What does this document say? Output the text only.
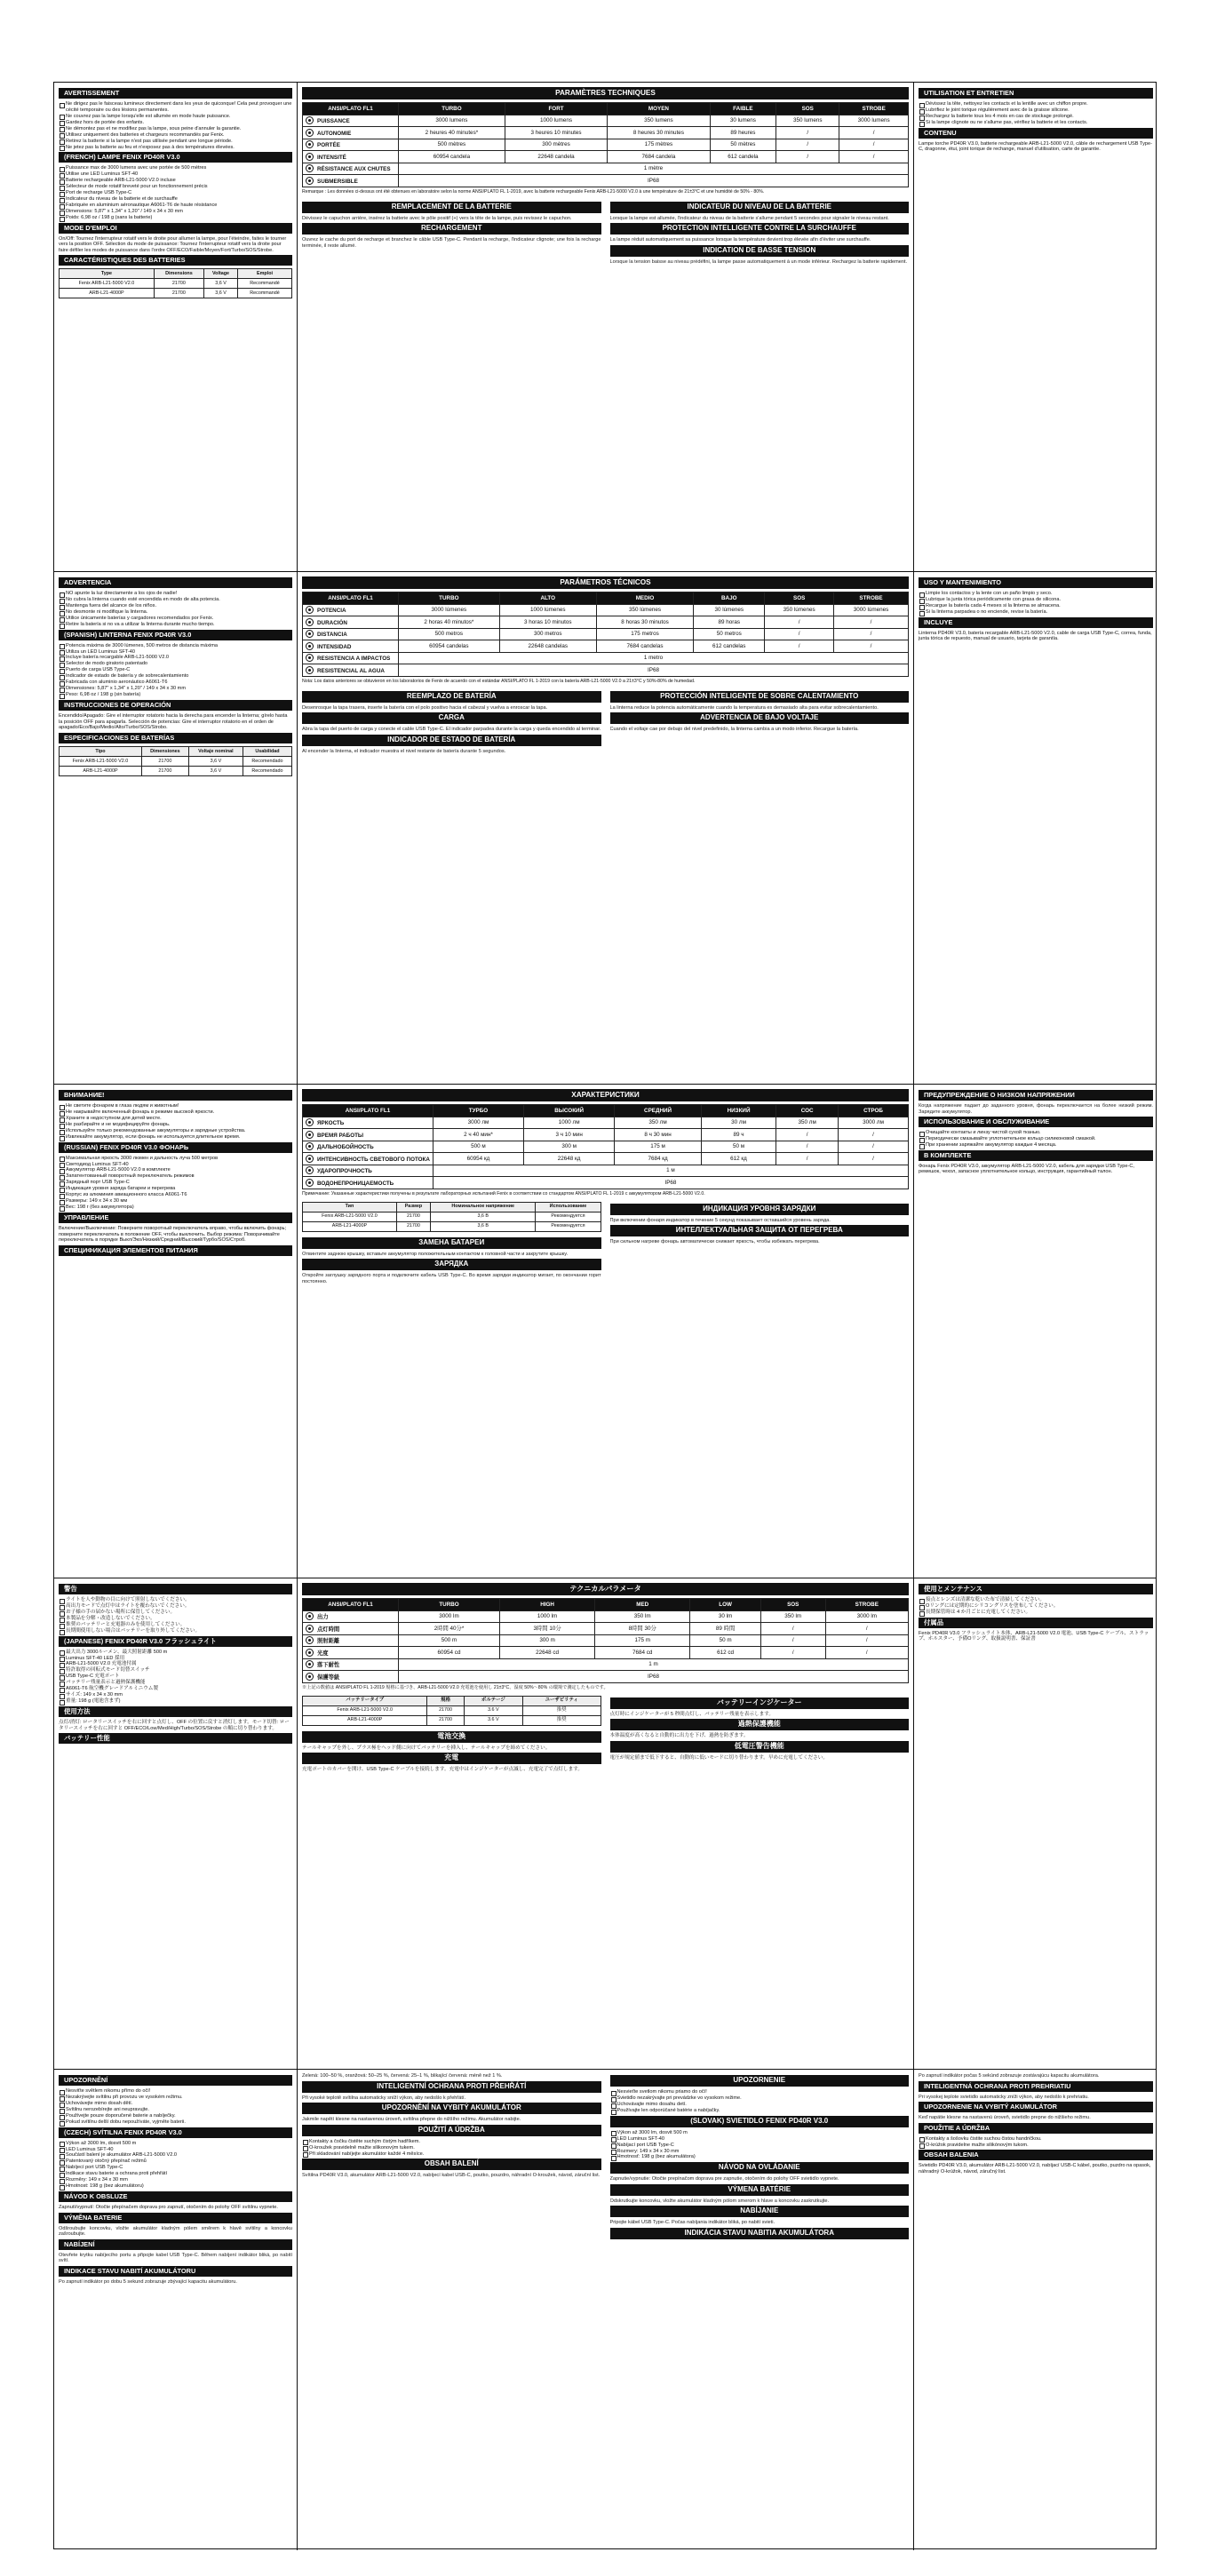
AVERTISSEMENT
Ne dirigez pas le faisceau lumineux directement dans les yeux de quiconque! Cela peut provoquer une cécité temporaire ou des lésions permanentes.
Ne couvrez pas la lampe lorsqu'elle est allumée en mode haute puissance.
Gardez hors de portée des enfants.
Ne démontez pas et ne modifiez pas la lampe, sous peine d'annuler la garantie.
Utilisez uniquement des batteries et chargeurs recommandés par Fenix.
Retirez la batterie si la lampe n'est pas utilisée pendant une longue période.
Ne jetez pas la batterie au feu et n'exposez pas à des températures élevées.
(FRENCH) LAMPE FENIX PD40R V3.0
Puissance max de 3000 lumens avec une portée de 500 mètres
Utilise une LED Luminus SFT-40
Batterie rechargeable ARB-L21-5000 V2.0 incluse
Sélecteur de mode rotatif breveté pour un fonctionnement précis
Port de recharge USB Type-C
Indicateur du niveau de la batterie et de surchauffe
Fabriquée en aluminium aéronautique A6061-T6 de haute résistance
Dimensions: 5,87" x 1,34" x 1,20" / 149 x 34 x 30 mm
Poids: 6,98 oz / 198 g (sans la batterie)
MODE D'EMPLOI

On/Off: Tournez l'interrupteur rotatif vers le droite pour allumer la lampe, pour l'éteindre, faites le tourner vers la position OFF. Sélection du mode de puissance: Tournez l'interrupteur rotatif vers la droite pour faire défiler les modes de puissance dans l'ordre OFF/ECO/Faible/Moyen/Fort/Turbo/SOS/Strobe.

CARACTÉRISTIQUES DES BATTERIES
Type	Dimensions	Voltage	Emploi
Fenix ARB-L21-5000 V2.0	21700	3,6 V	Recommandé
ARB-L21-4000P	21700	3,6 V	Recommandé
PARAMÈTRES TECHNIQUES
ANSI/PLATO FL1	TURBO	FORT	MOYEN	FAIBLE	SOS	STROBE
PUISSANCE	3000 lumens	1000 lumens	350 lumens	30 lumens	350 lumens	3000 lumens
AUTONOMIE	2 heures 40 minutes*	3 heures 10 minutes	8 heures 30 minutes	89 heures	/	/
PORTÉE	500 mètres	300 mètres	175 mètres	50 mètres	/	/
INTENSITÉ	60954 candela	22648 candela	7684 candela	612 candela	/	/
RÉSISTANCE AUX CHUTES	1 mètre					
SUBMERSIBLE	IP68					

Remarque : Les données ci-dessus ont été obtenues en laboratoire selon la norme ANSI/PLATO FL 1-2019, avec la batterie rechargeable Fenix ARB-L21-5000 V2.0 à une température de 21±3°C et une humidité de 50% - 80%.

REMPLACEMENT DE LA BATTERIE

Dévissez le capuchon arrière, insérez la batterie avec le pôle positif (+) vers la tête de la lampe, puis revissez le capuchon.

RECHARGEMENT

Ouvrez le cache du port de recharge et branchez le câble USB Type-C. Pendant la recharge, l'indicateur clignote; une fois la recharge terminée, il reste allumé.

INDICATEUR DU NIVEAU DE LA BATTERIE

Lorsque la lampe est allumée, l'indicateur du niveau de la batterie s'allume pendant 5 secondes pour signaler le niveau restant.

PROTECTION INTELLIGENTE CONTRE LA SURCHAUFFE

La lampe réduit automatiquement sa puissance lorsque la température devient trop élevée afin d'éviter une surchauffe.

INDICATION DE BASSE TENSION

Lorsque la tension baisse au niveau prédéfini, la lampe passe automatiquement à un mode inférieur. Rechargez la batterie rapidement.

UTILISATION ET ENTRETIEN
Dévissez la tête, nettoyez les contacts et la lentille avec un chiffon propre.
Lubrifiez le joint torique régulièrement avec de la graisse silicone.
Rechargez la batterie tous les 4 mois en cas de stockage prolongé.
Si la lampe clignote ou ne s'allume pas, vérifiez la batterie et les contacts.
CONTENU

Lampe torche PD40R V3.0, batterie rechargeable ARB-L21-5000 V2.0, câble de rechargement USB Type-C, dragonne, étui, joint torique de rechange, manuel d'utilisation, carte de garantie.

ADVERTENCIA
NO apunte la luz directamente a los ojos de nadie!
No cubra la linterna cuando esté encendida en modo de alta potencia.
Mantenga fuera del alcance de los niños.
No desmonte ni modifique la linterna.
Utilice únicamente baterías y cargadores recomendados por Fenix.
Retire la batería si no va a utilizar la linterna durante mucho tiempo.
(SPANISH) LINTERNA FENIX PD40R V3.0
Potencia máxima de 3000 lúmenes, 500 metros de distancia máxima
Utiliza un LED Luminus SFT-40
Incluye batería recargable ARB-L21-5000 V2.0
Selector de modo giratorio patentado
Puerto de carga USB Type-C
Indicador de estado de batería y de sobrecalentamiento
Fabricada con aluminio aeronáutico A6061-T6
Dimensiones: 5,87" x 1,34" x 1,20" / 149 x 34 x 30 mm
Peso: 6,98 oz / 198 g (sin batería)
INSTRUCCIONES DE OPERACIÓN

Encendido/Apagado: Gire el interruptor rotatorio hacia la derecha para encender la linterna; gírelo hasta la posición OFF para apagarla. Selección de potencias: Gire el interruptor rotatorio en el orden de apagado/Eco/Bajo/Medio/Alto/Turbo/SOS/Strobo.

ESPECIFICACIONES DE BATERÍAS
Tipo	Dimensiones	Voltaje nominal	Usabilidad
Fenix ARB-L21-5000 V2.0	21700	3,6 V	Recomendado
ARB-L21-4000P	21700	3,6 V	Recomendado
PARÁMETROS TÉCNICOS
ANSI/PLATO FL1	TURBO	ALTO	MEDIO	BAJO	SOS	STROBE
POTENCIA	3000 lúmenes	1000 lúmenes	350 lúmenes	30 lúmenes	350 lúmenes	3000 lúmenes
DURACIÓN	2 horas 40 minutos*	3 horas 10 minutos	8 horas 30 minutos	89 horas	/	/
DISTANCIA	500 metros	300 metros	175 metros	50 metros	/	/
INTENSIDAD	60954 candelas	22648 candelas	7684 candelas	612 candelas	/	/
RESISTENCIA A IMPACTOS	1 metro					
RESISTENCIAL AL AGUA	IP68					

Nota: Los datos anteriores se obtuvieron en los laboratorios de Fenix de acuerdo con el estándar ANSI/PLATO FL 1-2019 con la batería ARB-L21-5000 V2.0 a 21±3°C y 50%-80% de humedad.

REEMPLAZO DE BATERÍA

Desenrosque la tapa trasera, inserte la batería con el polo positivo hacia el cabezal y vuelva a enroscar la tapa.

CARGA

Abra la tapa del puerto de carga y conecte el cable USB Type-C. El indicador parpadea durante la carga y queda encendido al terminar.

INDICADOR DE ESTADO DE BATERÍA

Al encender la linterna, el indicador muestra el nivel restante de batería durante 5 segundos.

PROTECCIÓN INTELIGENTE DE SOBRE CALENTAMIENTO

La linterna reduce la potencia automáticamente cuando la temperatura es demasiado alta para evitar sobrecalentamiento.

ADVERTENCIA DE BAJO VOLTAJE

Cuando el voltaje cae por debajo del nivel predefinido, la linterna cambia a un modo inferior. Recargue la batería.

USO Y MANTENIMIENTO
Limpie los contactos y la lente con un paño limpio y seco.
Lubrique la junta tórica periódicamente con grasa de silicona.
Recargue la batería cada 4 meses si la linterna se almacena.
Si la linterna parpadea o no enciende, revise la batería.
INCLUYE

Linterna PD40R V3.0, batería recargable ARB-L21-5000 V2.0, cable de carga USB Type-C, correa, funda, junta tórica de repuesto, manual de usuario, tarjeta de garantía.

ВНИМАНИЕ!
Не светите фонарем в глаза людям и животным!
Не накрывайте включенный фонарь в режиме высокой яркости.
Храните в недоступном для детей месте.
Не разбирайте и не модифицируйте фонарь.
Используйте только рекомендованные аккумуляторы и зарядные устройства.
Извлекайте аккумулятор, если фонарь не используется длительное время.
(RUSSIAN) FENIX PD40R V3.0 ФОНАРЬ
Максимальная яркость 3000 люмен и дальность луча 500 метров
Светодиод Luminus SFT-40
Аккумулятор ARB-L21-5000 V2.0 в комплекте
Запатентованный поворотный переключатель режимов
Зарядный порт USB Type-C
Индикация уровня заряда батареи и перегрева
Корпус из алюминия авиационного класса A6061-T6
Размеры: 149 x 34 x 30 мм
Вес: 198 г (без аккумулятора)
УПРАВЛЕНИЕ

Включение/Выключение: Поверните поворотный переключатель вправо, чтобы включить фонарь; поверните переключатель в положение OFF, чтобы выключить. Выбор режима: Поворачивайте переключатель в порядке Выкл/Эко/Низкий/Средний/Высокий/Турбо/SOS/Строб.

СПЕЦИФИКАЦИЯ ЭЛЕМЕНТОВ ПИТАНИЯ
ХАРАКТЕРИСТИКИ
ANSI/PLATO FL1	ТУРБО	ВЫСОКИЙ	СРЕДНИЙ	НИЗКИЙ	СОС	СТРОБ
ЯРКОСТЬ	3000 лм	1000 лм	350 лм	30 лм	350 лм	3000 лм
ВРЕМЯ РАБОТЫ	2 ч 40 мин*	3 ч 10 мин	8 ч 30 мин	89 ч	/	/
ДАЛЬНОБОЙНОСТЬ	500 м	300 м	175 м	50 м	/	/
ИНТЕНСИВНОСТЬ СВЕТОВОГО ПОТОКА	60954 кд	22648 кд	7684 кд	612 кд	/	/
УДАРОПРОЧНОСТЬ	1 м					
ВОДОНЕПРОНИЦАЕМОСТЬ	IP68					

Примечание: Указанные характеристики получены в результате лабораторных испытаний Fenix в соответствии со стандартом ANSI/PLATO FL 1-2019 с аккумулятором ARB-L21-5000 V2.0.

Тип	Размер	Номинальное напряжение	Использование
Fenix ARB-L21-5000 V2.0	21700	3,6 В	Рекомендуется
ARB-L21-4000P	21700	3,6 В	Рекомендуется
ЗАМЕНА БАТАРЕИ

Отвинтите заднюю крышку, вставьте аккумулятор положительным контактом к головной части и закрутите крышку.

ЗАРЯДКА

Откройте заглушку зарядного порта и подключите кабель USB Type-C. Во время зарядки индикатор мигает, по окончании горит постоянно.

ИНДИКАЦИЯ УРОВНЯ ЗАРЯДКИ

При включении фонаря индикатор в течение 5 секунд показывает оставшийся уровень заряда.

ИНТЕЛЛЕКТУАЛЬНАЯ ЗАЩИТА ОТ ПЕРЕГРЕВА

При сильном нагреве фонарь автоматически снижает яркость, чтобы избежать перегрева.

ПРЕДУПРЕЖДЕНИЕ О НИЗКОМ НАПРЯЖЕНИИ

Когда напряжение падает до заданного уровня, фонарь переключается на более низкий режим. Зарядите аккумулятор.

ИСПОЛЬЗОВАНИЕ И ОБСЛУЖИВАНИЕ
Очищайте контакты и линзу чистой сухой тканью.
Периодически смазывайте уплотнительное кольцо силиконовой смазкой.
При хранении заряжайте аккумулятор каждые 4 месяца.
В КОМПЛЕКТЕ

Фонарь Fenix PD40R V3.0, аккумулятор ARB-L21-5000 V2.0, кабель для зарядки USB Type-C, ремешок, чехол, запасное уплотнительное кольцо, инструкция, гарантийный талон.

警告
ライトを人や動物の目に向けて照射しないでください。
高出力モードで点灯中はライトを覆わないでください。
お子様の手の届かない場所に保管してください。
本製品を分解・改造しないでください。
推奨のバッテリーと充電器のみを使用してください。
長期間使用しない場合はバッテリーを取り外してください。
(JAPANESE) FENIX PD40R V3.0 フラッシュライト
最大出力 3000ルーメン、最大照射距離 500 m
Luminus SFT-40 LED 採用
ARB-L21-5000 V2.0 充電池付属
特許取得の回転式モード切替スイッチ
USB Type-C 充電ポート
バッテリー残量表示と過熱保護機能
A6061-T6 航空機グレードアルミニウム製
サイズ: 149 x 34 x 30 mm
重量: 198 g (電池含まず)
使用方法

点灯/消灯: ロータリースイッチを右に回すと点灯し、OFF の位置に戻すと消灯します。モード切替: ロータリースイッチを右に回すと OFF/ECO/Low/Med/High/Turbo/SOS/Strobe の順に切り替わります。

バッテリー性能
テクニカルパラメータ
ANSI/PLATO FL1	TURBO	HIGH	MED	LOW	SOS	STROBE
出力	3000 lm	1000 lm	350 lm	30 lm	350 lm	3000 lm
点灯時間	2時間 40分*	3時間 10分	8時間 30分	89 時間	/	/
照射距離	500 m	300 m	175 m	50 m	/	/
光度	60954 cd	22648 cd	7684 cd	612 cd	/	/
落下耐性	1 m					
保護等級	IP68					

※上記の数値は ANSI/PLATO FL 1-2019 規格に基づき、ARB-L21-5000 V2.0 充電池を使用し 21±3°C、湿度 50%〜80% の環境で測定したものです。

バッテリータイプ	規格	ボルテージ	ユーザビリティ
Fenix ARB-L21-5000 V2.0	21700	3.6 V	推奨
ARB-L21-4000P	21700	3.6 V	推奨
電池交換

テールキャップを外し、プラス極をヘッド側に向けてバッテリーを挿入し、テールキャップを締めてください。

充電

充電ポートのカバーを開け、USB Type-C ケーブルを接続します。充電中はインジケーターが点滅し、充電完了で点灯します。

バッテリーインジケーター

点灯時にインジケーターが 5 秒間点灯し、バッテリー残量を表示します。

過熱保護機能

本体温度が高くなると自動的に出力を下げ、過熱を防ぎます。

低電圧警告機能

電圧が規定値まで低下すると、自動的に低いモードに切り替わります。早めに充電してください。

使用とメンテナンス
接点とレンズは清潔な乾いた布で清掃してください。
Oリングには定期的にシリコングリスを塗布してください。
長期保管時は 4 か月ごとに充電してください。
付属品

Fenix PD40R V3.0 フラッシュライト本体、ARB-L21-5000 V2.0 電池、USB Type-C ケーブル、ストラップ、ホルスター、予備Oリング、取扱説明書、保証書

UPOZORNĚNÍ
Nesviťte světlem nikomu přímo do očí!
Nezakrývejte svítilnu při provozu ve vysokém režimu.
Uchovávejte mimo dosah dětí.
Svítilnu nerozebírejte ani neupravujte.
Používejte pouze doporučené baterie a nabíječky.
Pokud svítilnu delší dobu nepoužíváte, vyjměte baterii.
(CZECH) SVÍTILNA FENIX PD40R V3.0
Výkon až 3000 lm, dosvit 500 m
LED Luminus SFT-40
Součástí balení je akumulátor ARB-L21-5000 V2.0
Patentovaný otočný přepínač režimů
Nabíjecí port USB Type-C
Indikace stavu baterie a ochrana proti přehřátí
Rozměry: 149 x 34 x 30 mm
Hmotnost: 198 g (bez akumulátoru)
NÁVOD K OBSLUZE

Zapnutí/vypnutí: Otočte přepínačem doprava pro zapnutí, otočením do polohy OFF svítilnu vypnete.

VÝMĚNA BATERIE

Odšroubujte koncovku, vložte akumulátor kladným pólem směrem k hlavě svítilny a koncovku zašroubujte.

NABÍJENÍ

Otevřete krytku nabíjecího portu a připojte kabel USB Type-C. Během nabíjení indikátor bliká, po nabití svítí.

INDIKACE STAVU NABITÍ AKUMULÁTORU

Po zapnutí indikátor po dobu 5 sekund zobrazuje zbývající kapacitu akumulátoru.

Zelená: 100–50 %, oranžová: 50–25 %, červená: 25–1 %, blikající červená: méně než 1 %.

INTELIGENTNÍ OCHRANA PROTI PŘEHŘÁTÍ

Při vysoké teplotě svítilna automaticky sníží výkon, aby nedošlo k přehřátí.

UPOZORNĚNÍ NA VYBITÝ AKUMULÁTOR

Jakmile napětí klesne na nastavenou úroveň, svítilna přepne do nižšího režimu. Akumulátor nabijte.

POUŽITÍ A ÚDRŽBA
Kontakty a čočku čistěte suchým čistým hadříkem.
O-kroužek pravidelně mažte silikonovým tukem.
Při skladování nabíjejte akumulátor každé 4 měsíce.
OBSAH BALENÍ

Svítilna PD40R V3.0, akumulátor ARB-L21-5000 V2.0, nabíjecí kabel USB-C, poutko, pouzdro, náhradní O-kroužek, návod, záruční list.

UPOZORNENIE
Nesvieťte svetlom nikomu priamo do očí!
Svietidlo nezakrývajte pri prevádzke vo vysokom režime.
Uchovávajte mimo dosahu detí.
Používajte len odporúčané batérie a nabíjačky.
(SLOVAK) SVIETIDLO FENIX PD40R V3.0
Výkon až 3000 lm, dosvit 500 m
LED Luminus SFT-40
Nabíjací port USB Type-C
Rozmery: 149 x 34 x 30 mm
Hmotnosť: 198 g (bez akumulátora)
NÁVOD NA OVLÁDANIE

Zapnutie/vypnutie: Otočte prepínačom doprava pre zapnutie, otočením do polohy OFF svietidlo vypnete.

VÝMENA BATÉRIE

Odskrutkujte koncovku, vložte akumulátor kladným pólom smerom k hlave a koncovku zaskrutkujte.

NABÍJANIE

Pripojte kábel USB Type-C. Počas nabíjania indikátor bliká, po nabití svieti.

INDIKÁCIA STAVU NABITIA AKUMULÁTORA

Po zapnutí indikátor počas 5 sekúnd zobrazuje zostávajúcu kapacitu akumulátora.

INTELIGENTNÁ OCHRANA PROTI PREHRIATIU

Pri vysokej teplote svietidlo automaticky zníži výkon, aby nedošlo k prehriatiu.

UPOZORNENIE NA VYBITÝ AKUMULÁTOR

Keď napätie klesne na nastavenú úroveň, svietidlo prepne do nižšieho režimu.

POUŽITIE A ÚDRŽBA
Kontakty a šošovku čistite suchou čistou handričkou.
O-krúžok pravidelne mažte silikónovým tukom.
OBSAH BALENIA

Svietidlo PD40R V3.0, akumulátor ARB-L21-5000 V2.0, nabíjací USB-C kábel, poutko, puzdro na opasok, náhradný O-krúžok, návod, záručný list.
